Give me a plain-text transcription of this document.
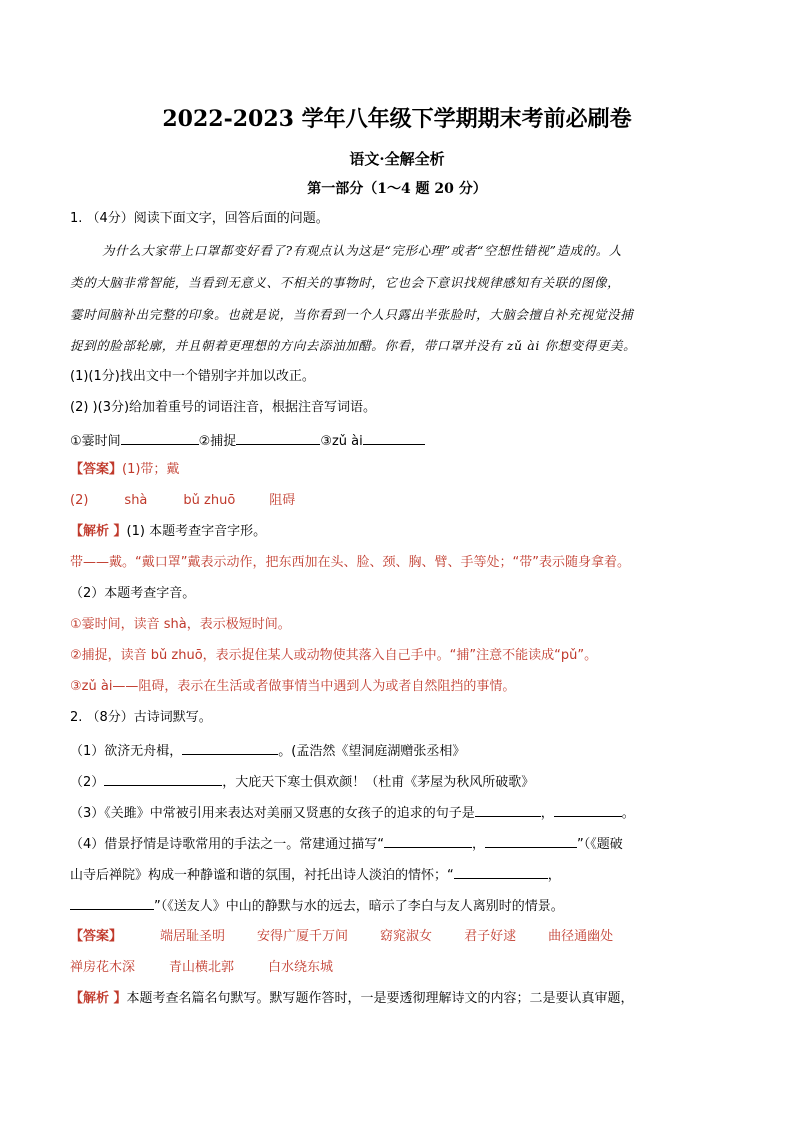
2022-2023 学年八年级下学期期末考前必刷卷
语文·全解全析
第一部分（1～4 题 20 分）
1. （4分）阅读下面文字，回答后面的问题。
为什么大家带上口罩都变好看了?有观点认为这是“完形心理”或者“空想性错视”造成的。人
类的大脑非常智能，当看到无意义、不相关的事物时，它也会下意识找规律感知有关联的图像，
霎时间脑补出完整的印象。也就是说，当你看到一个人只露出半张脸时，大脑会擅自补充视觉没捕
捉到的脸部轮廓，并且朝着更理想的方向去添油加醋。你看，带口罩并没有 zǔ ài 你想变得更美。
(1)(1分)找出文中一个错别字并加以改正。
(2) )(3分)给加着重号的词语注音，根据注音写词语。
①霎时间	②捕捉	③zǔ ài
【答案】(1)带；戴
(2)	shà	bǔ zhuō	阻碍
【解析 】(1) 本题考查字音字形。
带——戴。“戴口罩”戴表示动作，把东西加在头、脸、颈、胸、臂、手等处；“带”表示随身拿着。
（2）本题考查字音。
①霎时间，读音 shà，表示极短时间。
②捕捉，读音 bǔ zhuō，表示捉住某人或动物使其落入自己手中。“捕”注意不能读成“pǔ”。
③zǔ ài——阻碍，表示在生活或者做事情当中遇到人为或者自然阻挡的事情。
2. （8分）古诗词默写。
（1）欲济无舟楫，	。(孟浩然《望洞庭湖赠张丞相》
（2）	，大庇天下寒士俱欢颜！（杜甫《茅屋为秋风所破歌》
（3）《关雎》中常被引用来表达对美丽又贤惠的女孩子的追求的句子是	，	。
（4）借景抒情是诗歌常用的手法之一。常建通过描写“	，	”（《题破
山寺后禅院》构成一种静谧和谐的氛围，衬托出诗人淡泊的情怀；“	，
”（《送友人》中山的静默与水的远去，暗示了李白与友人离别时的情景。
【答案】	端居耻圣明 安得广厦千万间 窈窕淑女 君子好逑 曲径通幽处
禅房花木深	青山横北郭	白水绕东城
【解析 】本题考查名篇名句默写。默写题作答时，一是要透彻理解诗文的内容；二是要认真审题，
